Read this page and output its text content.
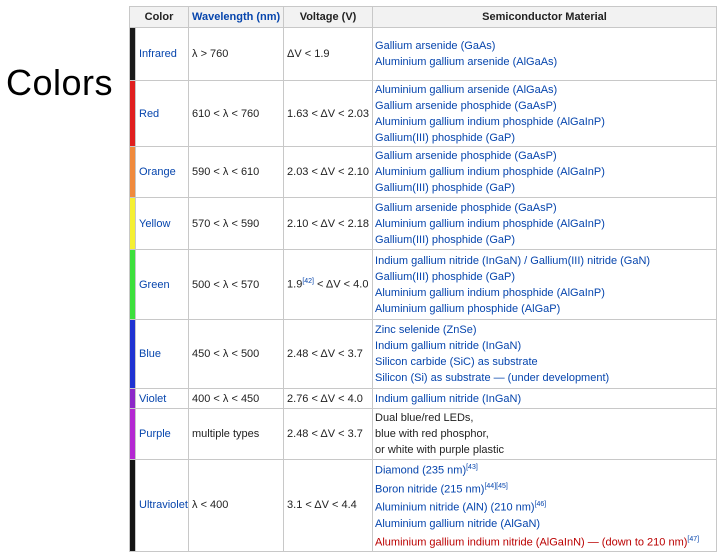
Colors
Color		Wavelength (nm)	Voltage (V)	Semiconductor Material
	Infrared	λ > 760	ΔV < 1.9	Gallium arsenide (GaAs)
Aluminium gallium arsenide (AlGaAs)

	Red	610 < λ < 760	1.63 < ΔV < 2.03	Aluminium gallium arsenide (AlGaAs)
Gallium arsenide phosphide (GaAsP)
Aluminium gallium indium phosphide (AlGaInP)
Gallium(III) phosphide (GaP)

	Orange	590 < λ < 610	2.03 < ΔV < 2.10	Gallium arsenide phosphide (GaAsP)
Aluminium gallium indium phosphide (AlGaInP)
Gallium(III) phosphide (GaP)

	Yellow	570 < λ < 590	2.10 < ΔV < 2.18	Gallium arsenide phosphide (GaAsP)
Aluminium gallium indium phosphide (AlGaInP)
Gallium(III) phosphide (GaP)

	Green	500 < λ < 570	1.9[42] < ΔV < 4.0	Indium gallium nitride (InGaN) / Gallium(III) nitride (GaN)
Gallium(III) phosphide (GaP)
Aluminium gallium indium phosphide (AlGaInP)
Aluminium gallium phosphide (AlGaP)

	Blue	450 < λ < 500	2.48 < ΔV < 3.7	Zinc selenide (ZnSe)
Indium gallium nitride (InGaN)
Silicon carbide (SiC) as substrate
Silicon (Si) as substrate — (under development)

	Violet	400 < λ < 450	2.76 < ΔV < 4.0	Indium gallium nitride (InGaN)

	Purple	multiple types	2.48 < ΔV < 3.7	Dual blue/red LEDs,
blue with red phosphor,
or white with purple plastic

	Ultraviolet	λ < 400	3.1 < ΔV < 4.4	Diamond (235 nm)[43]
Boron nitride (215 nm)[44][45]
Aluminium nitride (AlN) (210 nm)[46]
Aluminium gallium nitride (AlGaN)
Aluminium gallium indium nitride (AlGaInN) — (down to 210 nm)[47]
